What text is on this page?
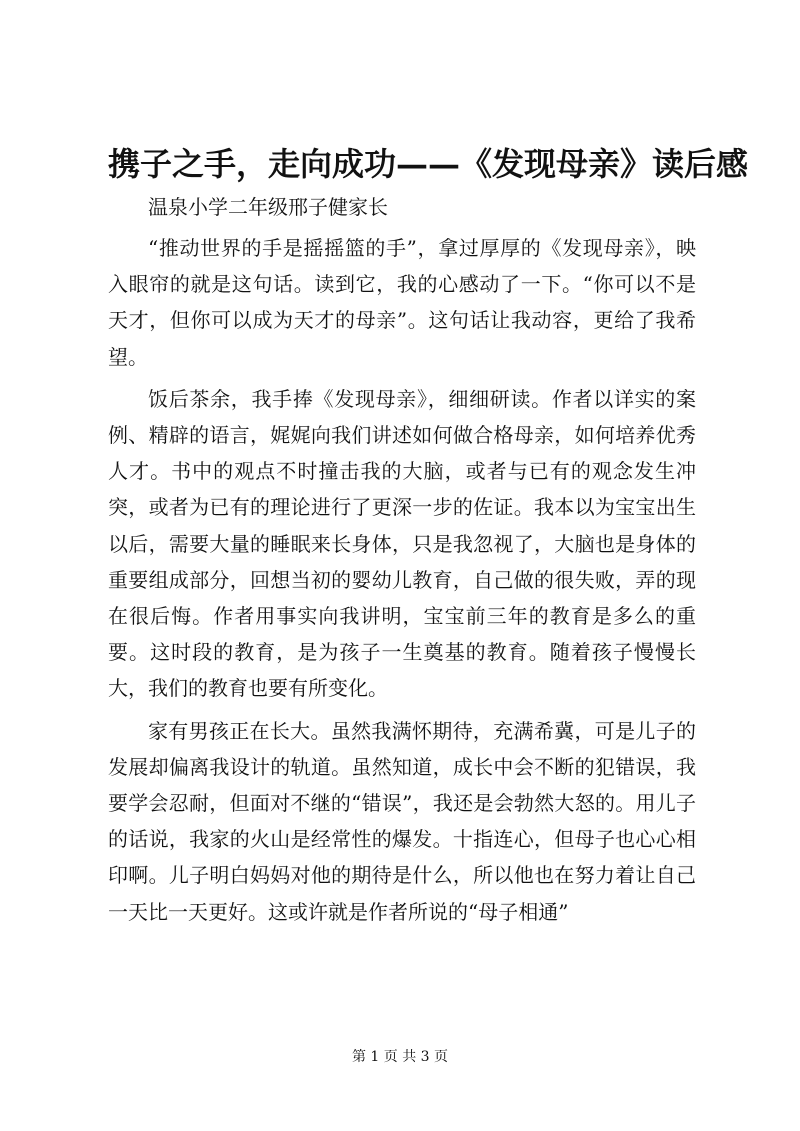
携子之手，走向成功——《发现母亲》读后感

温泉小学二年级邢子健家长

“推动世界的手是摇摇篮的手”，拿过厚厚的《发现母亲》，映入眼帘的就是这句话。读到它，我的心感动了一下。“你可以不是天才，但你可以成为天才的母亲”。这句话让我动容，更给了我希望。

饭后茶余，我手捧《发现母亲》，细细研读。作者以详实的案例、精辟的语言，娓娓向我们讲述如何做合格母亲，如何培养优秀人才。书中的观点不时撞击我的大脑，或者与已有的观念发生冲突，或者为已有的理论进行了更深一步的佐证。我本以为宝宝出生以后，需要大量的睡眠来长身体，只是我忽视了，大脑也是身体的重要组成部分，回想当初的婴幼儿教育，自己做的很失败，弄的现在很后悔。作者用事实向我讲明，宝宝前三年的教育是多么的重要。这时段的教育，是为孩子一生奠基的教育。随着孩子慢慢长大，我们的教育也要有所变化。

家有男孩正在长大。虽然我满怀期待，充满希冀，可是儿子的发展却偏离我设计的轨道。虽然知道，成长中会不断的犯错误，我要学会忍耐，但面对不继的“错误”，我还是会勃然大怒的。用儿子的话说，我家的火山是经常性的爆发。十指连心，但母子也心心相印啊。儿子明白妈妈对他的期待是什么，所以他也在努力着让自己一天比一天更好。这或许就是作者所说的“母子相通”

第 1 页 共 3 页
